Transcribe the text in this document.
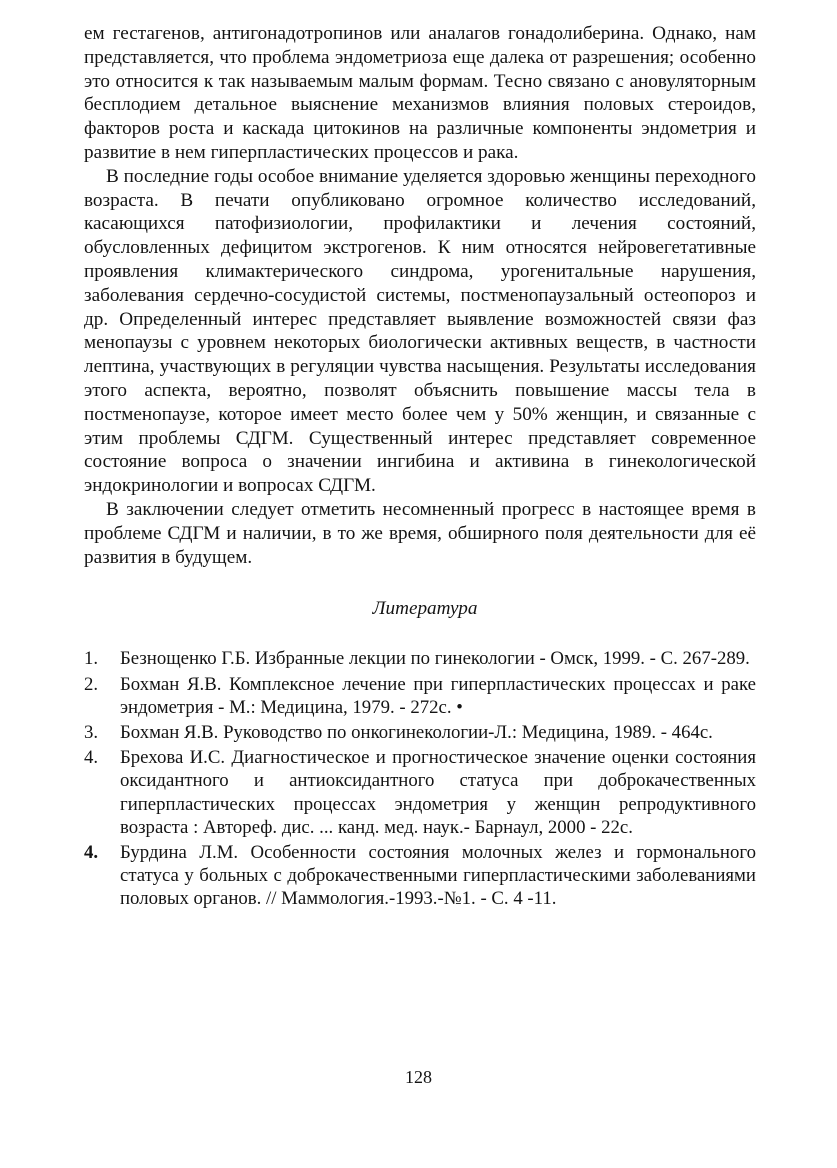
ем гестагенов, антигонадотропинов или аналагов гонадолиберина. Однако, нам представляется, что проблема эндометриоза еще далека от разрешения; особенно это относится к так называемым малым формам. Тесно связано с ановуляторным бесплодием детальное выяснение механизмов влияния половых стероидов, факторов роста и каскада цитокинов на различные компоненты эндометрия и развитие в нем гиперпластических процессов и рака.

В последние годы особое внимание уделяется здоровью женщины переходного возраста. В печати опубликовано огромное количество исследований, касающихся патофизиологии, профилактики и лечения состояний, обусловленных дефицитом экстрогенов. К ним относятся нейровегетативные проявления климактерического синдрома, урогенитальные нарушения, заболевания сердечно-сосудистой системы, постменопаузальный остеопороз и др. Определенный интерес представляет выявление возможностей связи фаз менопаузы с уровнем некоторых биологически активных веществ, в частности лептина, участвующих в регуляции чувства насыщения. Результаты исследования этого аспекта, вероятно, позволят объяснить повышение массы тела в постменопаузе, которое имеет место более чем у 50% женщин, и связанные с этим проблемы СДГМ. Существенный интерес представляет современное состояние вопроса о значении ингибина и активина в гинекологической эндокринологии и вопросах СДГМ.

В заключении следует отметить несомненный прогресс в настоящее время в проблеме СДГМ и наличии, в то же время, обширного поля деятельности для её развития в будущем.

Литература
1. Безнощенко Г.Б. Избранные лекции по гинекологии - Омск, 1999. - С. 267-289.
2. Бохман Я.В. Комплексное лечение при гиперпластических процессах и раке эндометрия - М.: Медицина, 1979. - 272с. •
3. Бохман Я.В. Руководство по онкогинекологии-Л.: Медицина, 1989. - 464с.
4. Брехова И.С. Диагностическое и прогностическое значение оценки состояния оксидантного и антиоксидантного статуса при доброкачественных гиперпластических процессах эндометрия у женщин репродуктивного возраста : Автореф. дис. ... канд. мед. наук.- Барнаул, 2000 - 22с.
4. Бурдина Л.М. Особенности состояния молочных желез и гормонального статуса у больных с доброкачественными гиперпластическими заболеваниями половых органов. // Маммология.-1993.-№1. - С. 4 -11.
128
